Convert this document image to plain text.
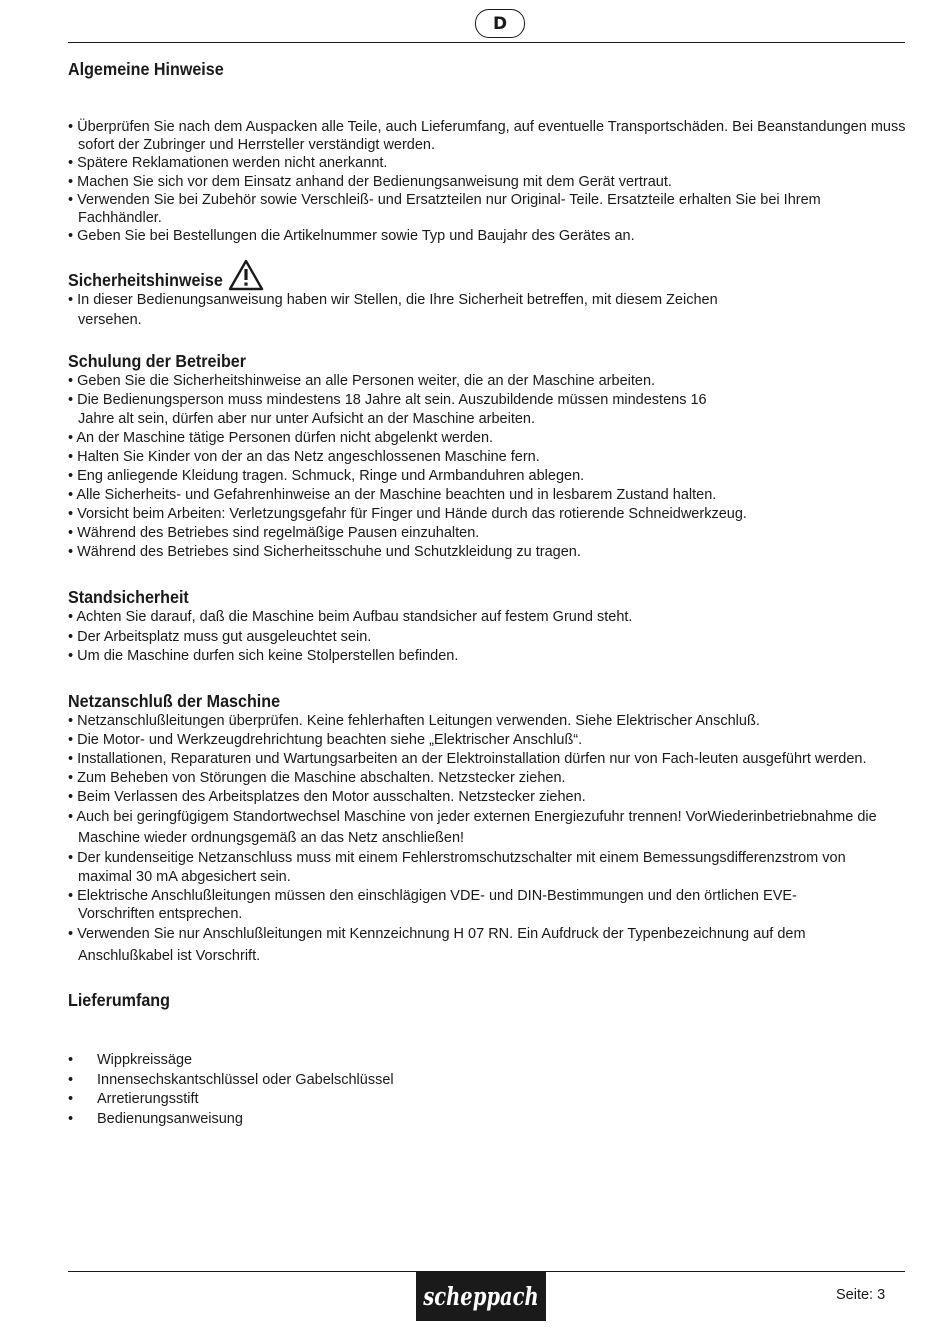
D
Algemeine Hinweise
• Überprüfen Sie nach dem Auspacken alle Teile, auch Lieferumfang, auf eventuelle Transportschäden. Bei Beanstandungen muss sofort der Zubringer und Herrsteller verständigt werden.
• Spätere Reklamationen werden nicht anerkannt.
• Machen Sie sich vor dem Einsatz anhand der Bedienungsanweisung mit dem Gerät vertraut.
• Verwenden Sie bei Zubehör sowie Verschleiß- und Ersatzteilen nur Original- Teile. Ersatzteile erhalten Sie bei Ihrem Fachhändler.
• Geben Sie bei Bestellungen die Artikelnummer sowie Typ und Baujahr des Gerätes an.
Sicherheitshinweise
• In dieser Bedienungsanweisung haben wir Stellen, die Ihre Sicherheit betreffen, mit diesem Zeichen versehen.
Schulung der Betreiber
• Geben Sie die Sicherheitshinweise an alle Personen weiter, die an der Maschine arbeiten.
• Die Bedienungsperson muss mindestens 18 Jahre alt sein. Auszubildende müssen mindestens 16 Jahre alt sein, dürfen aber nur unter Aufsicht an der Maschine arbeiten.
• An der Maschine tätige Personen dürfen nicht abgelenkt werden.
• Halten Sie Kinder von der an das Netz angeschlossenen Maschine fern.
• Eng anliegende Kleidung tragen. Schmuck, Ringe und Armbanduhren ablegen.
• Alle Sicherheits- und Gefahrenhinweise an der Maschine beachten und in lesbarem Zustand halten.
• Vorsicht beim Arbeiten: Verletzungsgefahr für Finger und Hände durch das rotierende Schneidwerkzeug.
• Während des Betriebes sind regelmäßige Pausen einzuhalten.
• Während des Betriebes sind Sicherheitsschuhe und Schutzkleidung zu tragen.
Standsicherheit
• Achten Sie darauf, daß die Maschine beim Aufbau standsicher auf festem Grund steht.
• Der Arbeitsplatz muss gut ausgeleuchtet sein.
• Um die Maschine durfen sich keine Stolperstellen befinden.
Netzanschluß der Maschine
• Netzanschlußleitungen überprüfen. Keine fehlerhaften Leitungen verwenden. Siehe Elektrischer Anschluß.
• Die Motor- und Werkzeugdrehrichtung beachten siehe „Elektrischer Anschluß“.
• Installationen, Reparaturen und Wartungsarbeiten an der Elektroinstallation dürfen nur von Fach-leuten ausgeführt werden.
• Zum Beheben von Störungen die Maschine abschalten. Netzstecker ziehen.
• Beim Verlassen des Arbeitsplatzes den Motor ausschalten. Netzstecker ziehen.
• Auch bei geringfügigem Standortwechsel Maschine von jeder externen Energiezufuhr trennen! VorWiederinbetriebnahme die Maschine wieder ordnungsgemäß an das Netz anschließen!
• Der kundenseitige Netzanschluss muss mit einem Fehlerstromschutzschalter mit einem Bemessungsdifferenzstrom von maximal 30 mA abgesichert sein.
• Elektrische Anschlußleitungen müssen den einschlägigen VDE- und DIN-Bestimmungen und den örtlichen EVE-Vorschriften entsprechen.
• Verwenden Sie nur Anschlußleitungen mit Kennzeichnung H 07 RN. Ein Aufdruck der Typenbezeichnung auf dem Anschlußkabel ist Vorschrift.
Lieferumfang
• Wippkreissäge
• Innensechskantschlüssel oder Gabelschlüssel
• Arretierungsstift
• Bedienungsanweisung
scheppach	Seite: 3
